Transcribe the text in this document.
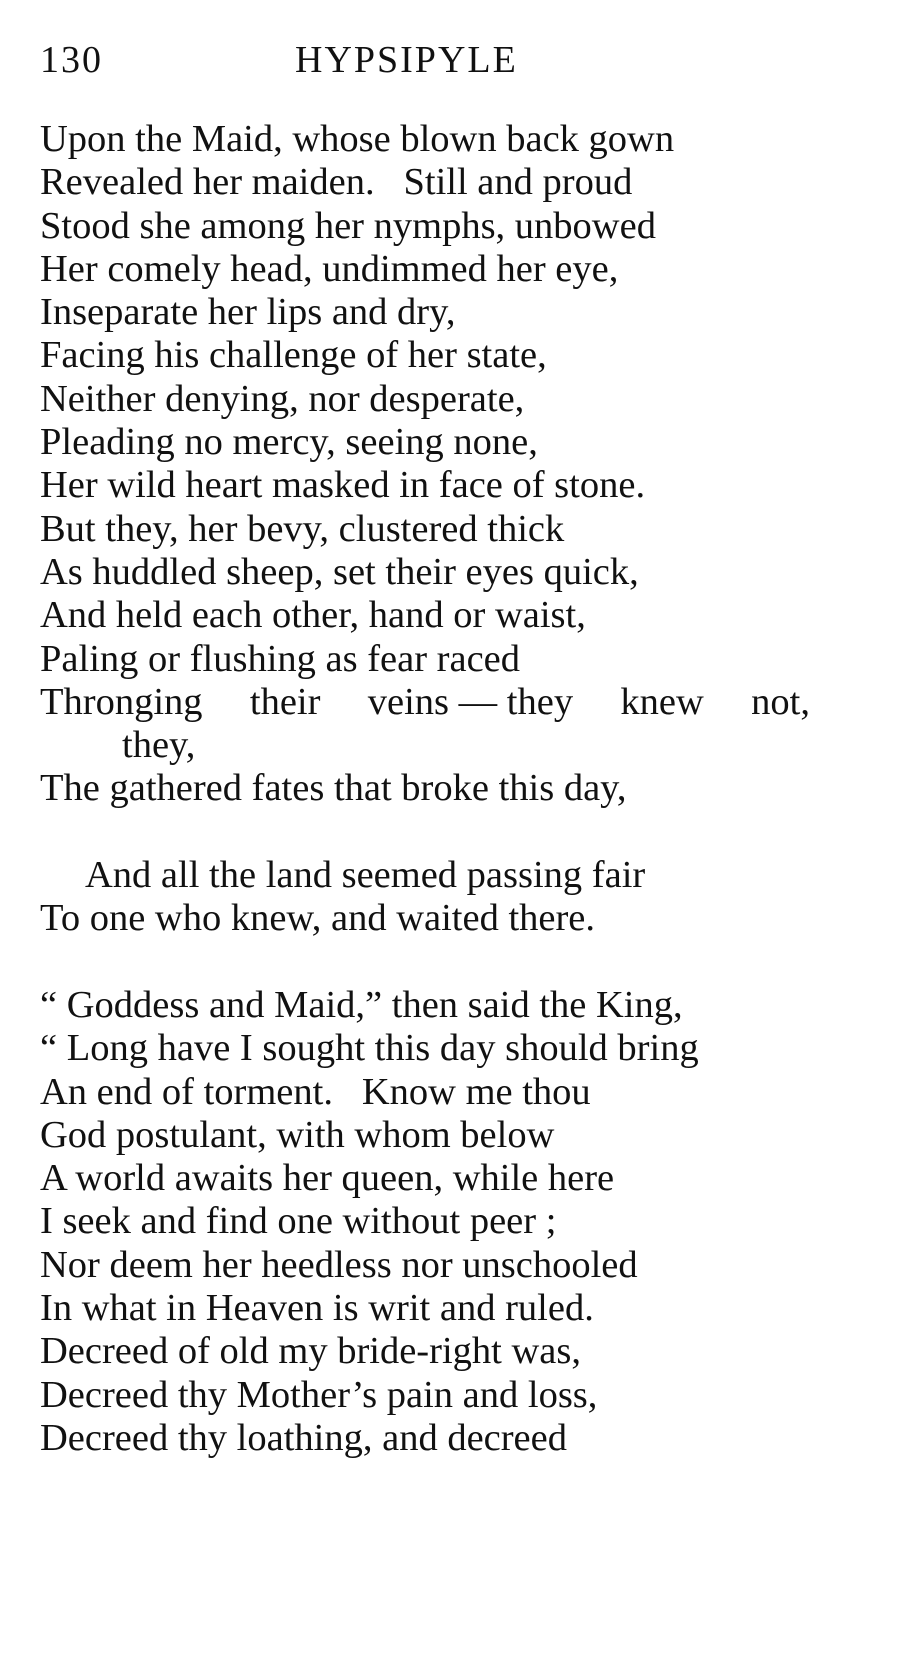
130	HYPSIPYLE
Upon the Maid, whose blown back gown
Revealed her maiden.   Still and proud
Stood she among her nymphs, unbowed
Her comely head, undimmed her eye,
Inseparate her lips and dry,
Facing his challenge of her state,
Neither denying, nor desperate,
Pleading no mercy, seeing none,
Her wild heart masked in face of stone.
But they, her bevy, clustered thick
As huddled sheep, set their eyes quick,
And held each other, hand or waist,
Paling or flushing as fear raced
Thronging their veins — they knew not,
they,
The gathered fates that broke this day,
And all the land seemed passing fair
To one who knew, and waited there.
“ Goddess and Maid,” then said the King,
“ Long have I sought this day should bring
An end of torment.   Know me thou
God postulant, with whom below
A world awaits her queen, while here
I seek and find one without peer ;
Nor deem her heedless nor unschooled
In what in Heaven is writ and ruled.
Decreed of old my bride-right was,
Decreed thy Mother’s pain and loss,
Decreed thy loathing, and decreed
